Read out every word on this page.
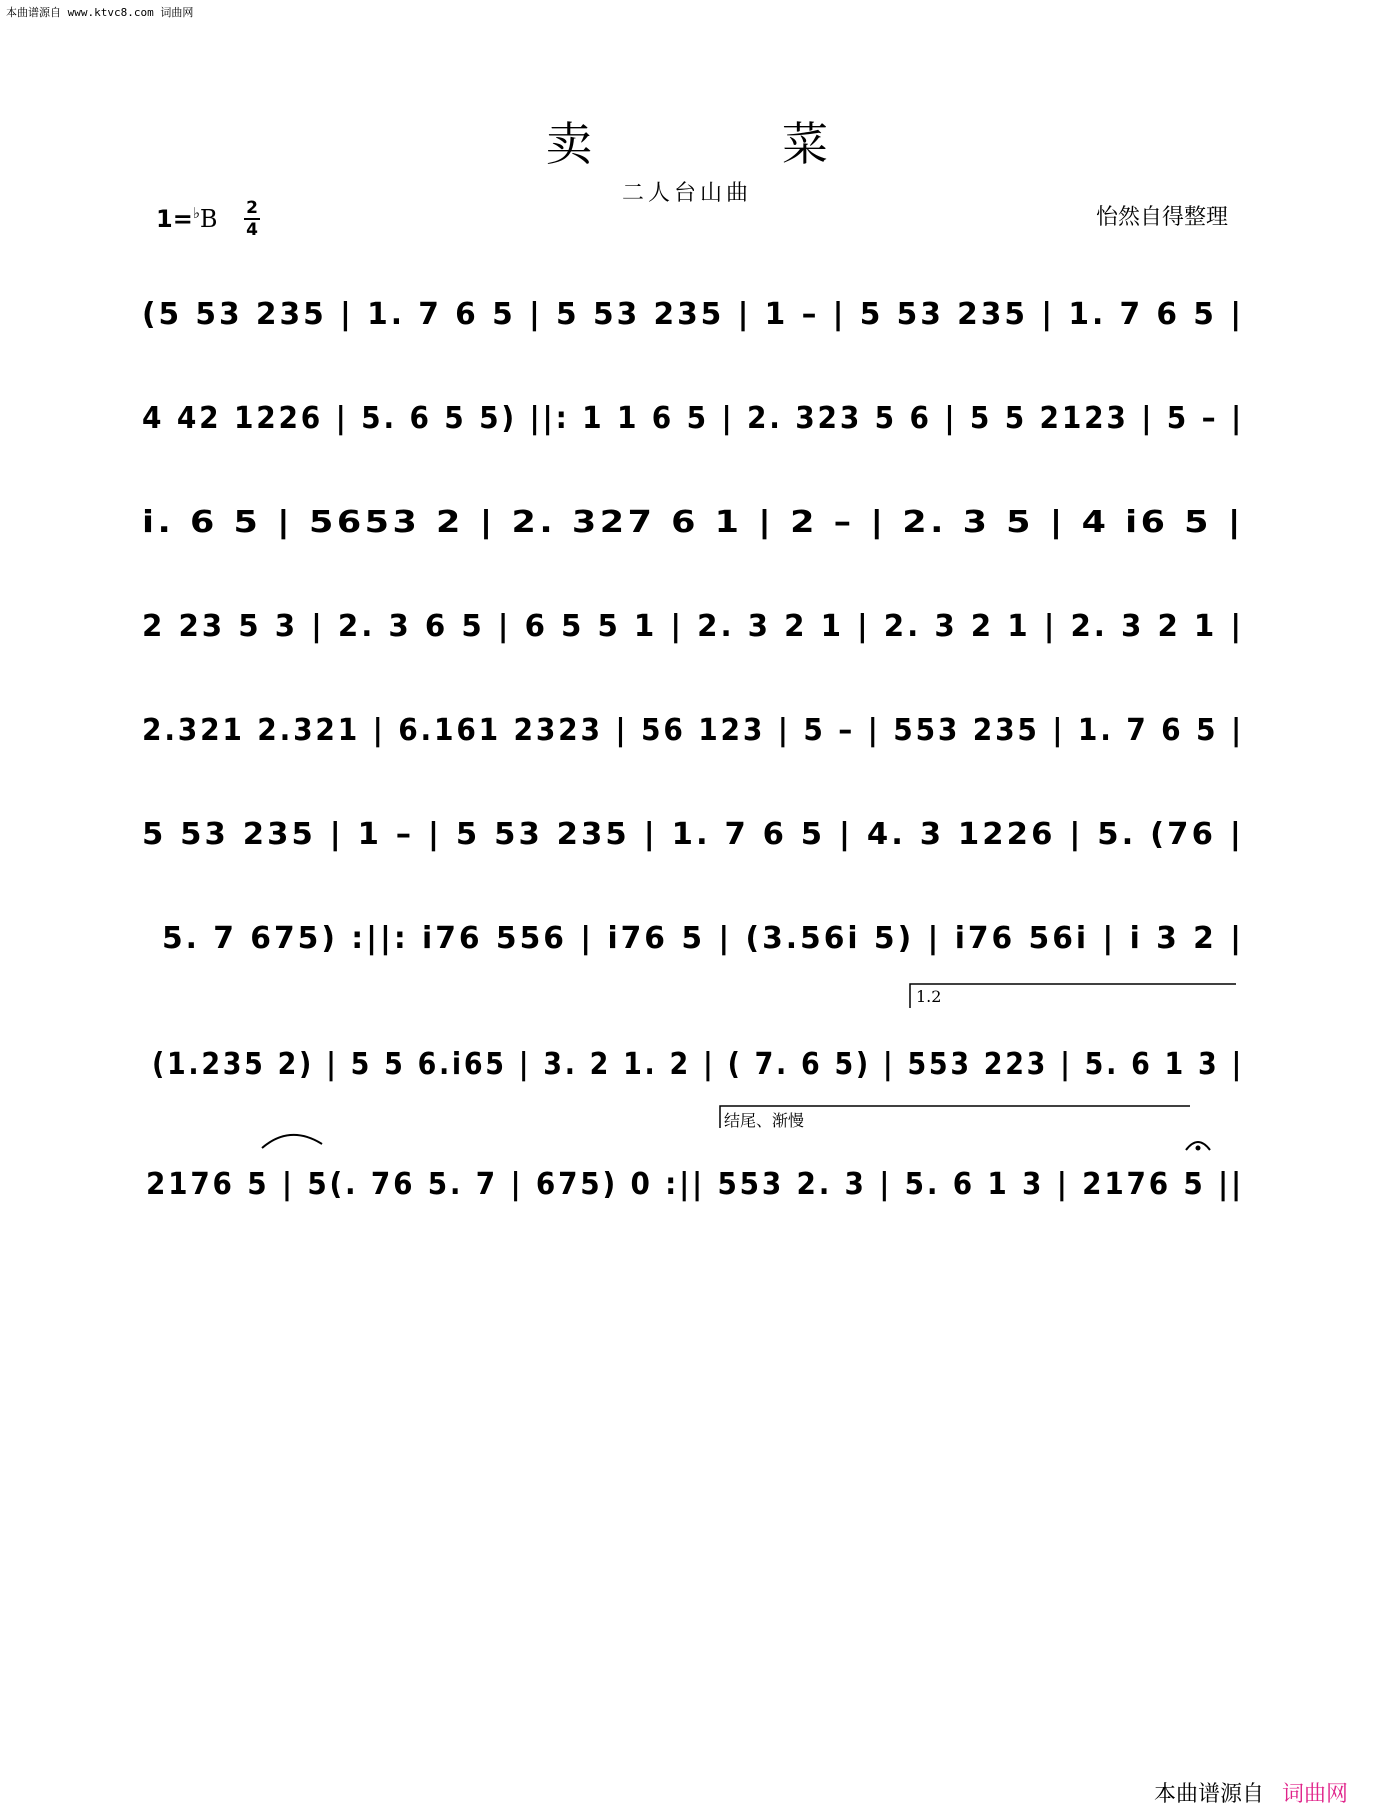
本曲谱源自 www.ktvc8.com 词曲网
卖菜
二人台山曲
1=♭B 2
4	怡然自得整理
(5 53 235 | 1. 7 6 5 | 5 53 235 | 1 – | 5 53 235 | 1. 7 6 5 |
4 42 1226 | 5. 6 5 5) ||: 1 1 6 5 | 2. 323 5 6 | 5 5 2123 | 5 – |
i. 6 5 | 5653 2 | 2. 327 6 1 | 2 – | 2. 3 5 | 4 i6 5 |
2 23 5 3 | 2. 3 6 5 | 6 5 5 1 | 2. 3 2 1 | 2. 3 2 1 | 2. 3 2 1 |
2.321 2.321 | 6.161 2323 | 56 123 | 5 – | 553 235 | 1. 7 6 5 |
5 53 235 | 1 – | 5 53 235 | 1. 7 6 5 | 4. 3 1226 | 5. (76 |
5. 7 675) :||: i76 556 | i76 5 | (3.56i 5) | i76 56i | i 3 2 |
(1.235 2) | 5 5 6.i65 | 3. 2 1. 2 | ( 7. 6 5) | 553 223 | 5. 6 1 3 |
2176 5 | 5(. 76 5. 7 | 675) 0 :|| 553 2. 3 | 5. 6 1 3 | 2176 5 ||
1.2
结尾、渐慢
本曲谱源自 词曲网
